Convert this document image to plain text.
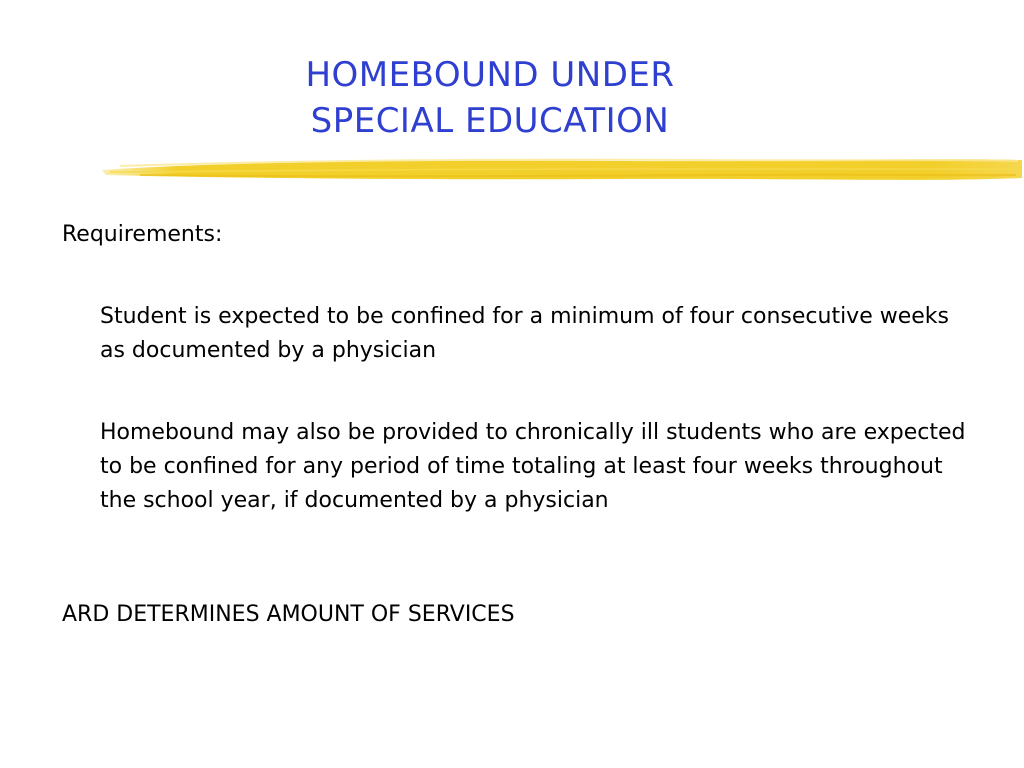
HOMEBOUND UNDER
SPECIAL EDUCATION
Requirements:
Student is expected to be confined for a minimum of four consecutive weeks as documented by a physician
Homebound may also be provided to chronically ill students who are expected to be confined for any period of time totaling at least four weeks throughout the school year, if documented by a physician
ARD DETERMINES AMOUNT OF SERVICES
